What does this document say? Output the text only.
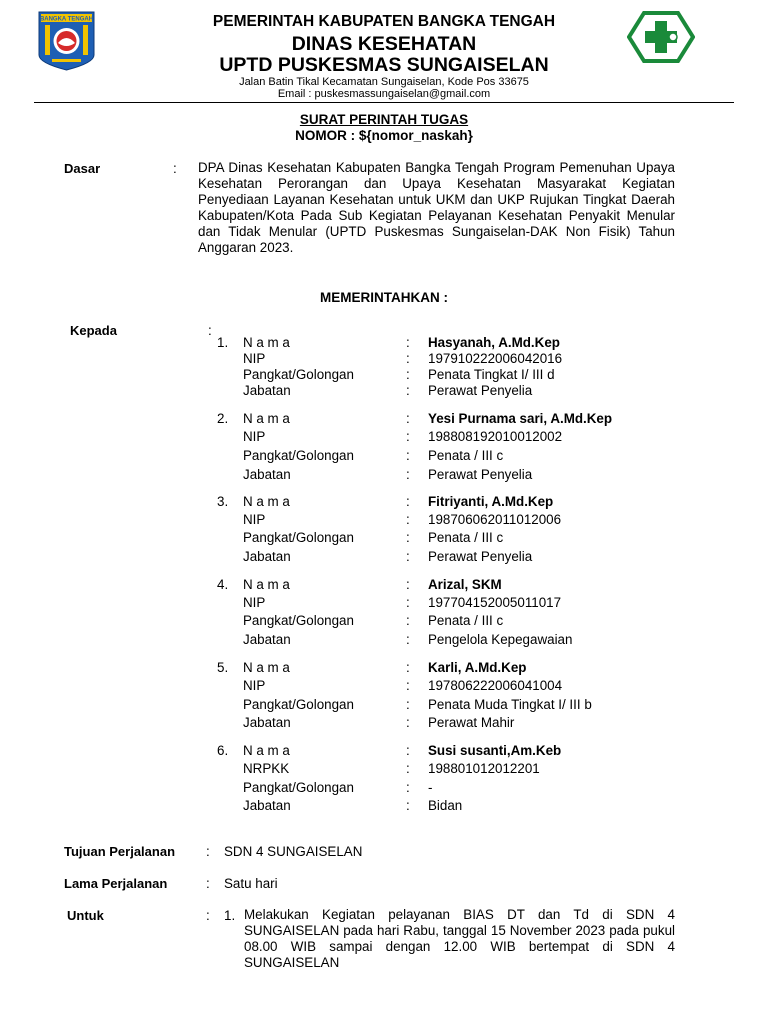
BANGKA TENGAH	PEMERINTAH KABUPATEN BANGKA TENGAH
DINAS KESEHATAN
UPTD PUSKESMAS SUNGAISELAN
Jalan Batin Tikal Kecamatan Sungaiselan, Kode Pos 33675
Email : puskesmassungaiselan@gmail.com
SURAT PERINTAH TUGAS
NOMOR : ${nomor_naskah}
Dasar	: DPA Dinas Kesehatan Kabupaten Bangka Tengah Program Pemenuhan Upaya Kesehatan Perorangan dan Upaya Kesehatan Masyarakat Kegiatan Penyediaan Layanan Kesehatan untuk UKM dan UKP Rujukan Tingkat Daerah Kabupaten/Kota Pada Sub Kegiatan Pelayanan Kesehatan Penyakit Menular dan Tidak Menular (UPTD Puskesmas Sungaiselan-DAK Non Fisik) Tahun Anggaran 2023.
MEMERINTAHKAN :
Kepada	:
1. N a m a	: Hasyanah, A.Md.Kep
NIP	: 197910222006042016
Pangkat/Golongan	: Penata Tingkat I/ III d
Jabatan	: Perawat Penyelia
2. N a m a	: Yesi Purnama sari, A.Md.Kep
NIP	: 198808192010012002
Pangkat/Golongan	: Penata / III c
Jabatan	: Perawat Penyelia
3. N a m a	: Fitriyanti, A.Md.Kep
NIP	: 198706062011012006
Pangkat/Golongan	: Penata / III c
Jabatan	: Perawat Penyelia
4. N a m a	: Arizal, SKM
NIP	: 197704152005011017
Pangkat/Golongan	: Penata / III c
Jabatan	: Pengelola Kepegawaian
5. N a m a	: Karli, A.Md.Kep
NIP	: 197806222006041004
Pangkat/Golongan	: Penata Muda Tingkat I/ III b
Jabatan	: Perawat Mahir
6. N a m a	: Susi susanti,Am.Keb
NRPKK	: 198801012012201
Pangkat/Golongan	: -
Jabatan	: Bidan
Tujuan Perjalanan : SDN 4 SUNGAISELAN
Lama Perjalanan	: Satu hari
Untuk	: 1. Melakukan Kegiatan pelayanan BIAS DT dan Td di SDN 4 SUNGAISELAN pada hari Rabu, tanggal 15 November 2023 pada pukul 08.00 WIB sampai dengan 12.00 WIB bertempat di SDN 4 SUNGAISELAN
